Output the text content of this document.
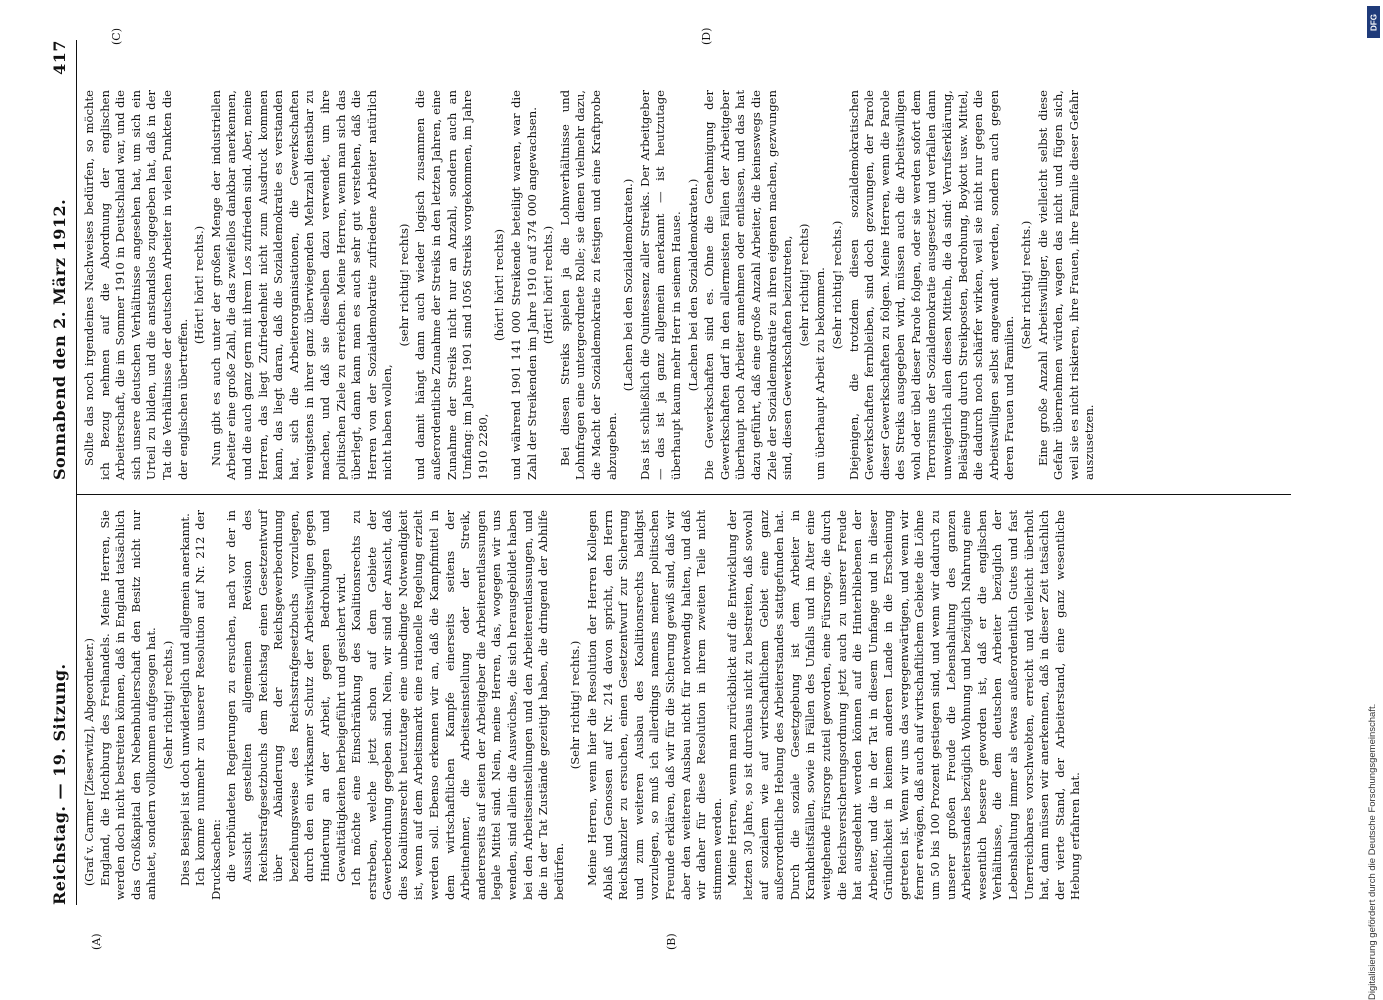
Reichstag. — 19. Sitzung.
Sonnabend den 2. März 1912.
417
(A)	(B)
(C)	(D)

(Graf v. Carmer [Zieserwitz], Abgeordneter.) England, die Hochburg des Freihandels. Meine Herren, Sie werden doch nicht bestreiten können, daß in England tatsächlich das Großkapital den Nebenbuhlerschaft den Besitz nicht nur anhatet, sondern vollkommen aufgesogen hat. (Sehr richtig! rechts.) Dies Beispiel ist doch unwiderleglich und allgemein anerkannt. Ich komme nunmehr zu unserer Resolution auf Nr. 212 der Drucksachen: die verbündeten Regierungen zu ersuchen, nach vor der in Aussicht gestellten allgemeinen Revision des Reichsstrafgesetzbuchs dem Reichstag einen Gesetzentwurf über Abänderung der Reichsgewerbeordnung beziehungsweise des Reichsstrafgesetzbuchs vorzulegen, durch den ein wirksamer Schutz der Arbeitswilligen gegen Hinderung an der Arbeit, gegen Bedrohungen und Gewalttätigkeiten herbeigeführt und gesichert wird. Ich möchte eine Einschränkung des Koalitionsrechts zu erstreben, welche jetzt schon auf dem Gebiete der Gewerbeordnung gegeben sind. Nein, wir sind der Ansicht, daß dies Koalitionsrecht heutzutage eine unbedingte Notwendigkeit ist, wenn auf dem Arbeitsmarkt eine rationelle Regelung erzielt werden soll. Ebenso erkennen wir an, daß die Kampfmittel in dem wirtschaftlichen Kampfe einerseits seitens der Arbeitnehmer, die Arbeitseinstellung oder der Streik, andererseits auf seiten der Arbeitgeber die Arbeiterentlassungen legale Mittel sind. Nein, meine Herren, das, wogegen wir uns wenden, sind allein die Auswüchse, die sich herausgebildet haben bei den Arbeitseinstellungen und den Arbeiterentlassungen, und die in der Tat Zustände gezeitigt haben, die dringend der Abhilfe bedürfen.

(Sehr richtig! rechts.) Meine Herren, wenn hier die Resolution der Herren Kollegen Ablaß und Genossen auf Nr. 214 davon spricht, den Herrn Reichskanzler zu ersuchen, einen Gesetzentwurf zur Sicherung und zum weiteren Ausbau des Koalitionsrechts baldigst vorzulegen, so muß ich allerdings namens meiner politischen Freunde erklären, daß wir für die Sicherung gewiß sind, daß wir aber den weiteren Ausbau nicht für notwendig halten, und daß wir daher für diese Resolution in ihrem zweiten Teile nicht stimmen werden. Meine Herren, wenn man zurückblickt auf die Entwicklung der letzten 30 Jahre, so ist durchaus nicht zu bestreiten, daß sowohl auf sozialem wie auf wirtschaftlichem Gebiet eine ganz außerordentliche Hebung des Arbeiterstandes stattgefunden hat. Durch die soziale Gesetzgebung ist dem Arbeiter in Krankheitsfällen, sowie in Fällen des Unfalls und im Alter eine weitgehende Fürsorge zuteil geworden, eine Fürsorge, die durch die Reichsversicherungsordnung jetzt auch zu unserer Freude hat ausgedehnt werden können auf die Hinterbliebenen der Arbeiter, und die in der Tat in diesem Umfange und in dieser Gründlichkeit in keinem anderen Lande in die Erscheinung getreten ist. Wenn wir uns das vergegenwärtigen, und wenn wir ferner erwägen, daß auch auf wirtschaftlichem Gebiete die Löhne um 50 bis 100 Prozent gestiegen sind, und wenn wir dadurch zu unserer großen Freude die Lebenshaltung des ganzen Arbeiterstandes bezüglich Wohnung und bezüglich Nahrung eine wesentlich bessere geworden ist, daß er die englischen Verhältnisse, die dem deutschen Arbeiter bezüglich der Lebenshaltung immer als etwas außerordentlich Gutes und fast Unerreichbares vorschwebten, erreicht und vielleicht überholt hat, dann müssen wir anerkennen, daß in dieser Zeit tatsächlich der vierte Stand, der Arbeiterstand, eine ganz wesentliche Hebung erfahren hat.

Sollte das noch irgendeines Nachweises bedürfen, so möchte ich Bezug nehmen auf die Abordnung der englischen Arbeiterschaft, die im Sommer 1910 in Deutschland war, und die sich unsere deutschen Verhältnisse angesehen hat, um sich ein Urteil zu bilden, und die anstandslos zugegeben hat, daß in der Tat die Verhältnisse der deutschen Arbeiter in vielen Punkten die der englischen übertreffen.

(Hört! hört! rechts.) Nun gibt es auch unter der großen Menge der industriellen Arbeiter eine große Zahl, die das zweifellos dankbar anerkennen, und die auch ganz gern mit ihrem Los zufrieden sind. Aber, meine Herren, das liegt Zufriedenheit nicht zum Ausdruck kommen kann, das liegt daran, daß die Sozialdemokratie es verstanden hat, sich die Arbeiterorganisationen, die Gewerkschaften wenigstens in ihrer ganz überwiegenden Mehrzahl dienstbar zu machen, und daß sie dieselben dazu verwendet, um ihre politischen Ziele zu erreichen. Meine Herren, wenn man sich das überlegt, dann kann man es auch sehr gut verstehen, daß die Herren von der Sozialdemokratie zufriedene Arbeiter natürlich nicht haben wollen,

(sehr richtig! rechts) und damit hängt dann auch wieder logisch zusammen die außerordentliche Zunahme der Streiks in den letzten Jahren, eine Zunahme der Streiks nicht nur an Anzahl, sondern auch an Umfang: im Jahre 1901 sind 1056 Streiks vorgekommen, im Jahre 1910 2280,

(hört! hört! rechts) und während 1901 141 000 Streikende beteiligt waren, war die Zahl der Streikenden im Jahre 1910 auf 374 000 angewachsen. (Hört! hört! rechts.) Bei diesen Streiks spielen ja die Lohnverhältnisse und Lohnfragen eine untergeordnete Rolle; sie dienen vielmehr dazu, die Macht der Sozialdemokratie zu festigen und eine Kraftprobe abzugeben.

(Lachen bei den Sozialdemokraten.) Das ist schließlich die Quintessenz aller Streiks. Der Arbeitgeber — das ist ja ganz allgemein anerkannt — ist heutzutage überhaupt kaum mehr Herr in seinem Hause. (Lachen bei den Sozialdemokraten.) Die Gewerkschaften sind es. Ohne die Genehmigung der Gewerkschaften darf in den allermeisten Fällen der Arbeitgeber überhaupt noch Arbeiter annehmen oder entlassen, und das hat dazu geführt, daß eine große Anzahl Arbeiter, die keineswegs die Ziele der Sozialdemokratie zu ihren eigenen machen, gezwungen sind, diesen Gewerkschaften beizutreten, (sehr richtig! rechts) um überhaupt Arbeit zu bekommen. (Sehr richtig! rechts.) Diejenigen, die trotzdem diesen sozialdemokratischen Gewerkschaften fernbleiben, sind doch gezwungen, der Parole dieser Gewerkschaften zu folgen. Meine Herren, wenn die Parole des Streiks ausgegeben wird, müssen auch die Arbeitswilligen wohl oder übel dieser Parole folgen, oder sie werden sofort dem Terrorismus der Sozialdemokratie ausgesetzt und verfallen dann unweigerlich allen diesen Mitteln, die da sind: Verrufserklärung, Belästigung durch Streikposten, Bedrohung, Boykott usw. Mittel, die dadurch noch schärfer wirken, weil sie nicht nur gegen die Arbeitswilligen selbst angewandt werden, sondern auch gegen deren Frauen und Familien.

(Sehr richtig! rechts.) Eine große Anzahl Arbeitswilliger, die vielleicht selbst diese Gefahr übernehmen würden, wagen das nicht und fügen sich, weil sie es nicht riskieren, ihre Frauen, ihre Familie dieser Gefahr auszusetzen.

DFG
Digitalisierung gefördert durch die Deutsche Forschungsgemeinschaft.
